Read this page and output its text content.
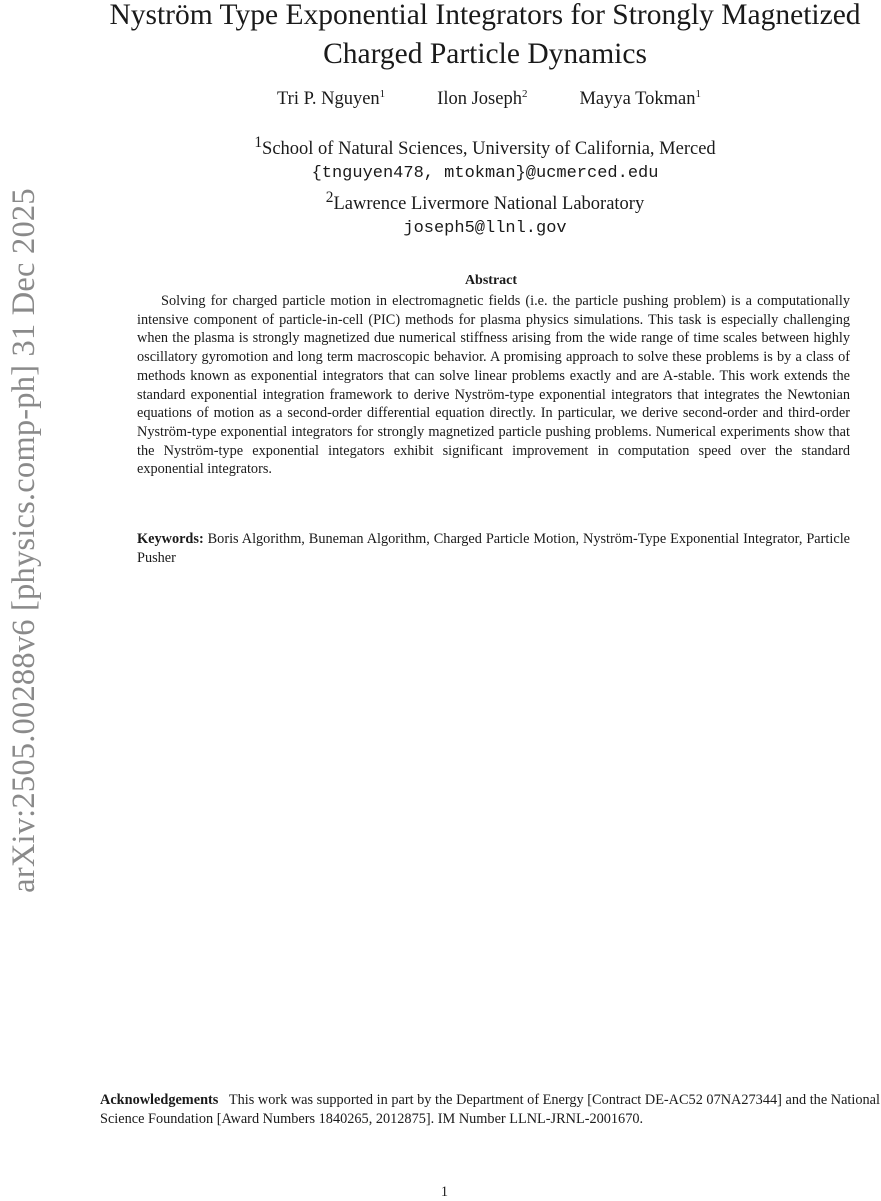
arXiv:2505.00288v6 [physics.comp-ph] 31 Dec 2025
Nyström Type Exponential Integrators for Strongly Magnetized
Charged Particle Dynamics
Tri P. Nguyen$^1$	Ilon Joseph$^2$	Mayya Tokman$^1$
$^1$School of Natural Sciences, University of California, Merced
{tnguyen478, mtokman}@ucmerced.edu
$^2$Lawrence Livermore National Laboratory
joseph5@llnl.gov
Abstract

Solving for charged particle motion in electromagnetic fields (i.e. the particle pushing problem) is a computationally intensive component of particle-in-cell (PIC) methods for plasma physics simulations. This task is especially challenging when the plasma is strongly magnetized due numerical stiffness arising from the wide range of time scales between highly oscillatory gyromotion and long term macroscopic behavior. A promising approach to solve these problems is by a class of methods known as exponential integrators that can solve linear problems exactly and are A-stable. This work extends the standard exponential integration framework to derive Nyström-type exponential integrators that integrates the Newtonian equations of motion as a second-order differential equation directly. In particular, we derive second-order and third-order Nyström-type exponential integrators for strongly magnetized particle pushing problems. Numerical experiments show that the Nyström-type exponential integators exhibit significant improvement in computation speed over the standard exponential integrators.

Keywords: Boris Algorithm, Buneman Algorithm, Charged Particle Motion, Nyström-Type Exponential Integrator, Particle Pusher

Acknowledgements This work was supported in part by the Department of Energy [Contract DE-AC52 07NA27344] and the National Science Foundation [Award Numbers 1840265, 2012875]. IM Number LLNL-JRNL-2001670.

1
